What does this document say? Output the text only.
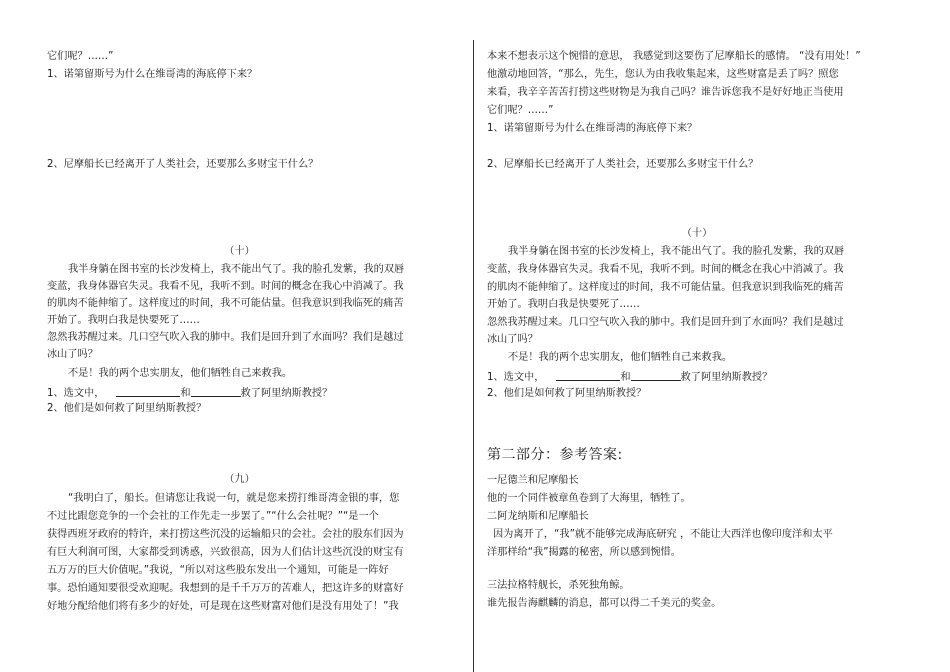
它们呢？……”
1、诺第留斯号为什么在维哥湾的海底停下来？
2、尼摩船长已经离开了人类社会，还要那么多财宝干什么？
（十）
我半身躺在图书室的长沙发椅上，我不能出气了。我的脸孔发紫，我的双唇
变蓝，我身体器官失灵。我看不见，我听不到。时间的概念在我心中消减了。我
的肌肉不能伸缩了。这样度过的时间，我不可能估量。但我意识到我临死的痛苦
开始了。我明白我是快要死了……
忽然我苏醒过来。几口空气吹入我的肺中。我们是回升到了水面吗？我们是越过
冰山了吗？
不是！我的两个忠实朋友，他们牺牲自己来救我。
1、选文中，	和	救了阿里纳斯教授？
2、他们是如何救了阿里纳斯教授？
（九）
“我明白了，船长。但请您让我说一句，就是您来捞打维哥湾金银的事，您
不过比跟您竞争的一个会社的工作先走一步罢了。”“什么会社呢？”“是一个
获得西班牙政府的特许，来打捞这些沉没的运输船只的会社。会社的股东们因为
有巨大利润可图，大家都受到诱惑，兴致很高，因为人们估计这些沉没的财宝有
五万万的巨大价值呢。”我说，“所以对这些股东发出一个通知，可能是一阵好
事。恐怕通知要很受欢迎呢。我想到的是千千万万的苦难人，把这许多的财富好
好地分配给他们将有多少的好处，可是现在这些财富对他们是没有用处了！”我
本来不想表示这个惋惜的意思， 我感觉到这要伤了尼摩船长的感情。 “没有用处！”
他激动地回答，“那么，先生，您认为由我收集起来，这些财富是丢了吗？照您
来看，我辛辛苦苦打捞这些财物是为我自己吗？谁告诉您我不是好好地正当使用
它们呢？……”
1、诺第留斯号为什么在维哥湾的海底停下来？
2、尼摩船长已经离开了人类社会，还要那么多财宝干什么？
（十）
我半身躺在图书室的长沙发椅上，我不能出气了。我的脸孔发紫，我的双唇
变蓝，我身体器官失灵。我看不见，我听不到。时间的概念在我心中消减了。我
的肌肉不能伸缩了。这样度过的时间，我不可能估量。但我意识到我临死的痛苦
开始了。我明白我是快要死了……
忽然我苏醒过来。几口空气吹入我的肺中。我们是回升到了水面吗？我们是越过
冰山了吗？
不是！我的两个忠实朋友，他们牺牲自己来救我。
1、选文中，	和	救了阿里纳斯教授？
2、他们是如何救了阿里纳斯教授？
第二部分：参考答案:
一尼德兰和尼摩船长
他的一个同伴被章鱼卷到了大海里，牺牲了。
二阿龙纳斯和尼摩船长
因为离开了，“我”就不能够完成海底研究 ，不能让大西洋也像印度洋和太平
洋那样给“我”揭露的秘密，所以感到惋惜。
三法拉格特舰长，杀死独角鲸。
谁先报告海麒麟的消息，都可以得二千美元的奖金。
